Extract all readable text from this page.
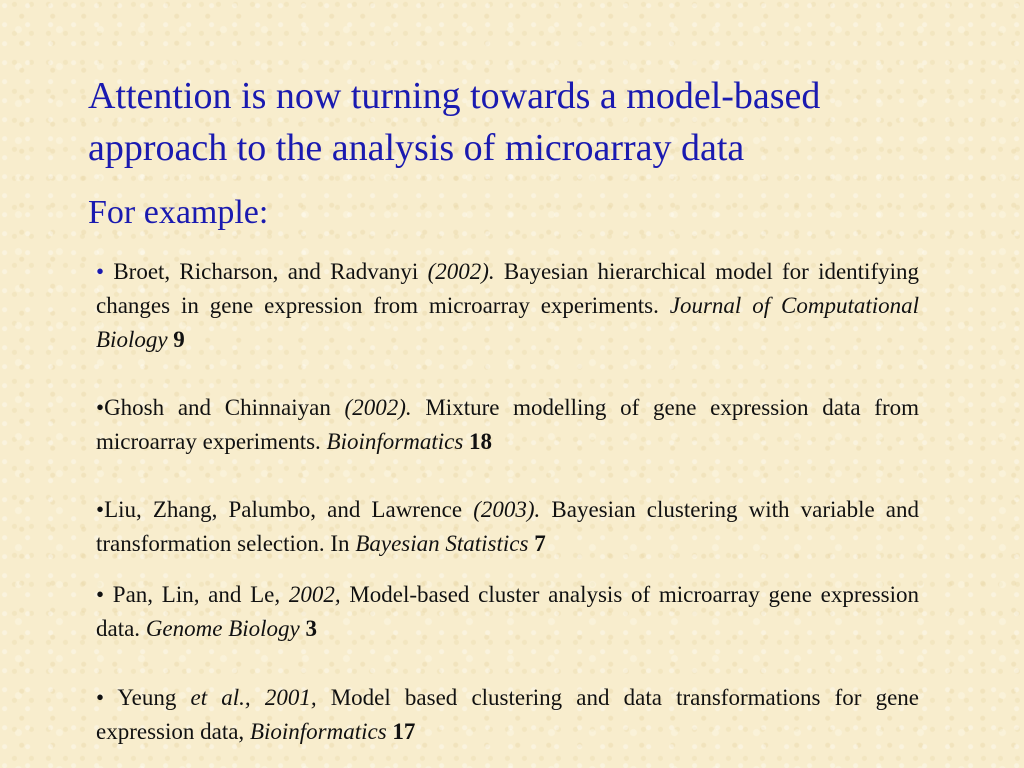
Attention is now turning towards a model-based approach to the analysis of microarray data
For example:

• Broet, Richarson, and Radvanyi (2002). Bayesian hierarchical model for identifying changes in gene expression from microarray experiments. Journal of Computational Biology 9

•Ghosh and Chinnaiyan (2002). Mixture modelling of gene expression data from microarray experiments. Bioinformatics 18

•Liu, Zhang, Palumbo, and Lawrence (2003). Bayesian clustering with variable and transformation selection. In Bayesian Statistics 7

• Pan, Lin, and Le, 2002, Model-based cluster analysis of microarray gene expression data. Genome Biology 3

• Yeung et al., 2001, Model based clustering and data transformations for gene expression data, Bioinformatics 17
